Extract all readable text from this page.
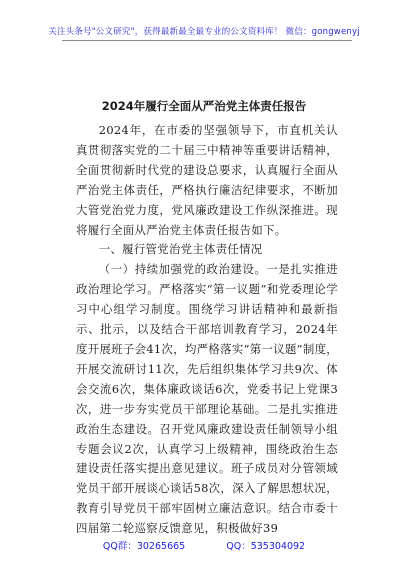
关注头条号"公文研究"，获得最新最全最专业的公文资料库！ 微信：gongwenyj
2024年履行全面从严治党主体责任报告

2024年，在市委的坚强领导下，市直机关认真贯彻落实党的二十届三中精神等重要讲话精神，全面贯彻新时代党的建设总要求，认真履行全面从严治党主体责任，严格执行廉洁纪律要求，不断加大管党治党力度，党风廉政建设工作纵深推进。现将履行全面从严治党主体责任报告如下。

一、履行管党治党主体责任情况

（一）持续加强党的政治建设。一是扎实推进政治理论学习。严格落实“第一议题”和党委理论学习中心组学习制度。围绕学习讲话精神和最新指示、批示，以及结合干部培训教育学习，2024年度开展班子会41次，均严格落实“第一议题”制度，开展交流研讨11次，先后组织集体学习共9次、体会交流6次，集体廉政谈话6次，党委书记上党课3次，进一步夯实党员干部理论基础。二是扎实推进政治生态建设。召开党风廉政建设责任制领导小组专题会议2次，认真学习上级精神，围绕政治生态建设责任落实提出意见建议。班子成员对分管领域党员干部开展谈心谈话58次，深入了解思想状况，教育引导党员干部牢固树立廉洁意识。结合市委十四届第二轮巡察反馈意见，积极做好39

QQ群：30265665	QQ：535304092
